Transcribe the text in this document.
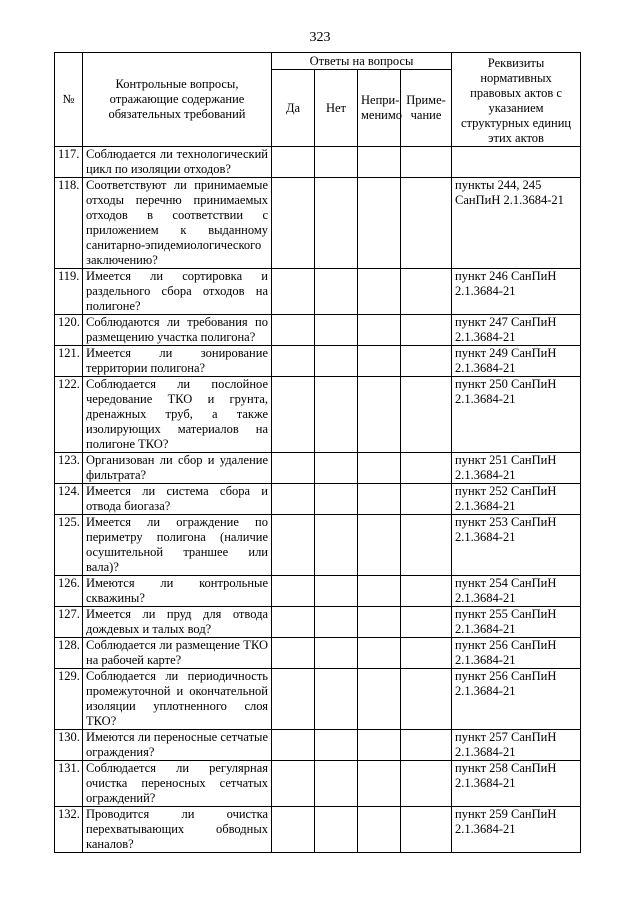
323
№	Контрольные вопросы, отражающие содержание обязательных требований	Ответы на вопросы				Реквизиты нормативных правовых актов с указанием структурных единиц этих актов
		Да	Нет	Непри-менимо	Приме-чание	
117.	Соблюдается ли технологический цикл по изоляции отходов?					
118.	Соответствуют ли принимаемые отходы перечню принимаемых отходов в соответствии с приложением к выданному санитарно-эпидемиологического заключению?					пункты 244, 245 СанПиН 2.1.3684-21
119.	Имеется ли сортировка и раздельного сбора отходов на полигоне?					пункт 246 СанПиН 2.1.3684-21
120.	Соблюдаются ли требования по размещению участка полигона?					пункт 247 СанПиН 2.1.3684-21
121.	Имеется ли зонирование территории полигона?					пункт 249 СанПиН 2.1.3684-21
122.	Соблюдается ли послойное чередование ТКО и грунта, дренажных труб, а также изолирующих материалов на полигоне ТКО?					пункт 250 СанПиН 2.1.3684-21
123.	Организован ли сбор и удаление фильтрата?					пункт 251 СанПиН 2.1.3684-21
124.	Имеется ли система сбора и отвода биогаза?					пункт 252 СанПиН 2.1.3684-21
125.	Имеется ли ограждение по периметру полигона (наличие осушительной траншее или вала)?					пункт 253 СанПиН 2.1.3684-21
126.	Имеются ли контрольные скважины?					пункт 254 СанПиН 2.1.3684-21
127.	Имеется ли пруд для отвода дождевых и талых вод?					пункт 255 СанПиН 2.1.3684-21
128.	Соблюдается ли размещение ТКО на рабочей карте?					пункт 256 СанПиН 2.1.3684-21
129.	Соблюдается ли периодичность промежуточной и окончательной изоляции уплотненного слоя ТКО?					пункт 256 СанПиН 2.1.3684-21
130.	Имеются ли переносные сетчатые ограждения?					пункт 257 СанПиН 2.1.3684-21
131.	Соблюдается ли регулярная очистка переносных сетчатых ограждений?					пункт 258 СанПиН 2.1.3684-21
132.	Проводится ли очистка перехватывающих обводных каналов?					пункт 259 СанПиН 2.1.3684-21
